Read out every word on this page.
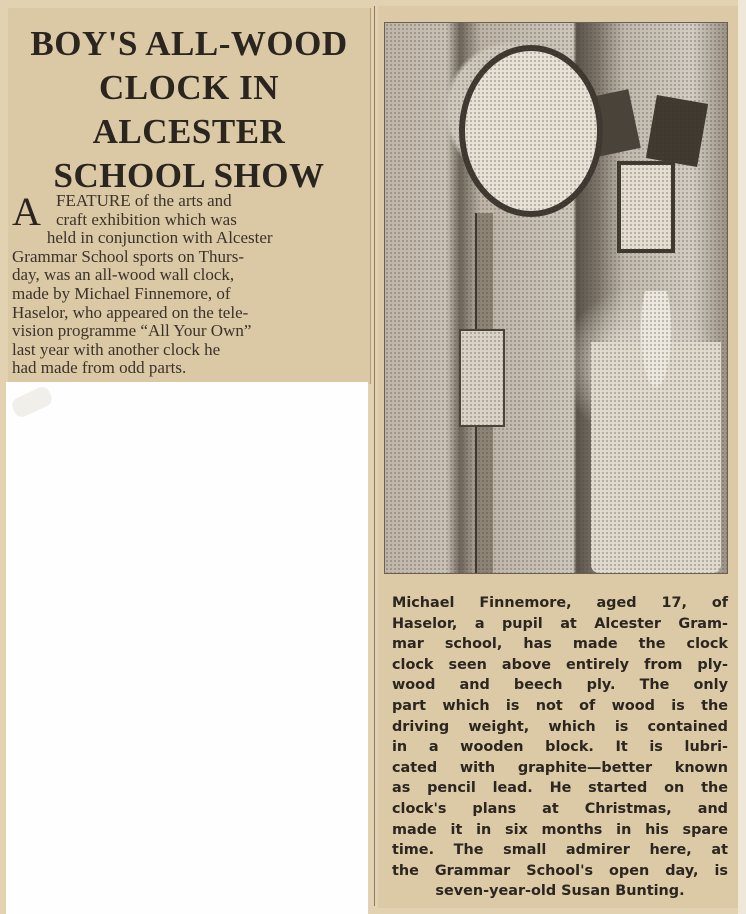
BOY'S ALL-WOOD
CLOCK IN
ALCESTER
SCHOOL SHOW

A FEATURE of the arts and
craft exhibition which was
held in conjunction with Alcester
Grammar School sports on Thurs-
day, was an all-wood wall clock,
made by Michael Finnemore, of
Haselor, who appeared on the tele-
vision programme “All Your Own”
last year with another clock he
had made from odd parts.

Michael Finnemore, aged 17, of
Haselor, a pupil at Alcester Gram-
mar school, has made the clock
clock seen above entirely from ply-
wood and beech ply. The only
part which is not of wood is the
driving weight, which is contained
in a wooden block. It is lubri-
cated with graphite—better known
as pencil lead. He started on the
clock's plans at Christmas, and
made it in six months in his spare
time. The small admirer here, at
the Grammar School's open day, is
seven-year-old Susan Bunting.
